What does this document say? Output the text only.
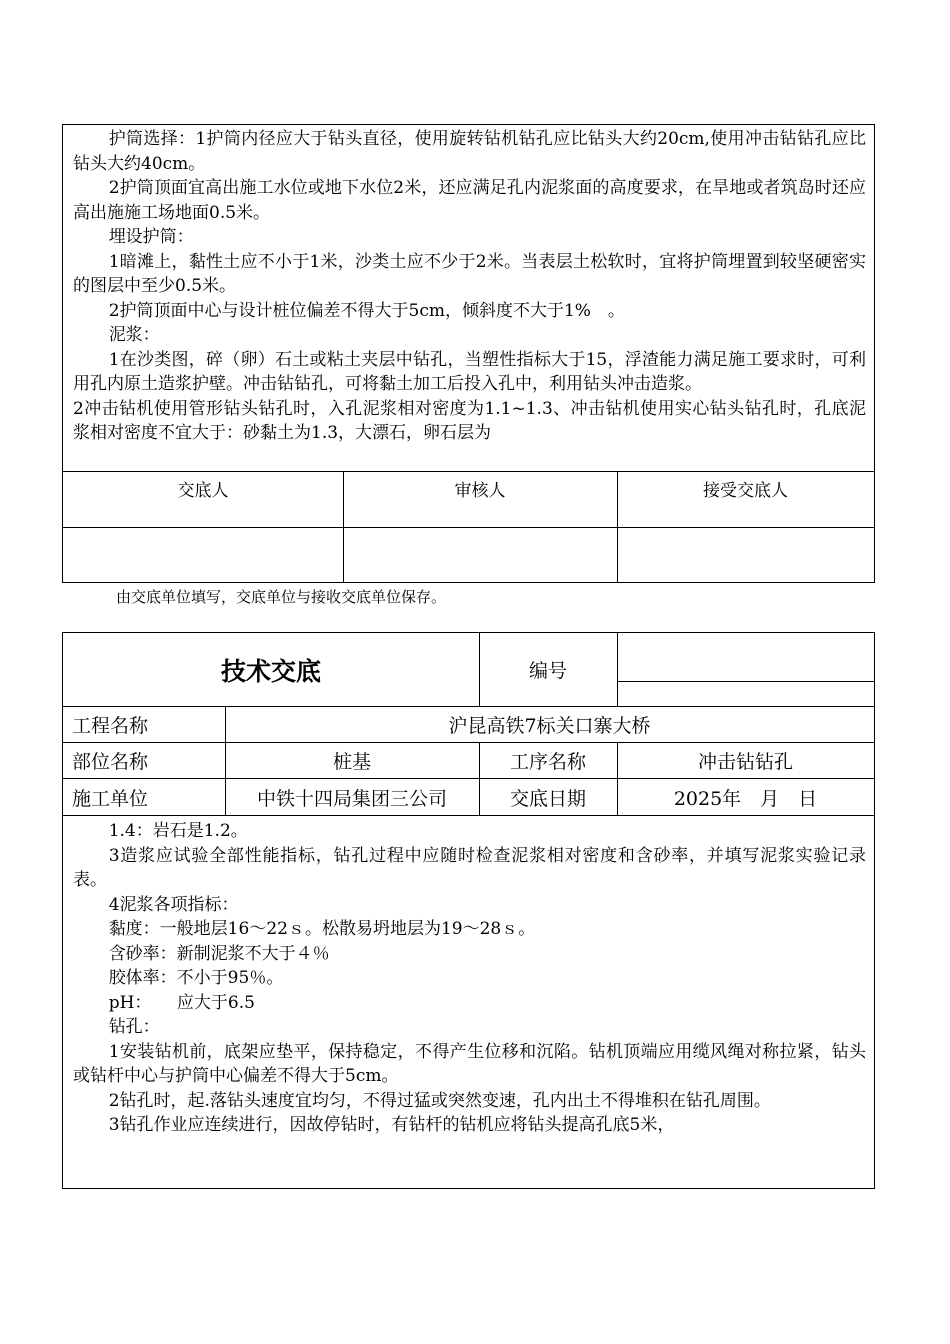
护筒选择：1护筒内径应大于钻头直径，使用旋转钻机钻孔应比钻头大约20cm,使用冲击钻钻孔应比钻头大约40cm。

2护筒顶面宜高出施工水位或地下水位2米，还应满足孔内泥浆面的高度要求，在旱地或者筑岛时还应高出施施工场地面0.5米。

埋设护筒：

1暗滩上，黏性土应不小于1米，沙类土应不少于2米。当表层土松软时，宜将护筒埋置到较坚硬密实的图层中至少0.5米。

2护筒顶面中心与设计桩位偏差不得大于5cm，倾斜度不大于1%　。

泥浆：

1在沙类图，碎（卵）石土或粘土夹层中钻孔，当塑性指标大于15，浮渣能力满足施工要求时，可利用孔内原土造浆护壁。冲击钻钻孔，可将黏土加工后投入孔中，利用钻头冲击造浆。

2冲击钻机使用管形钻头钻孔时，入孔泥浆相对密度为1.1~1.3、冲击钻机使用实心钻头钻孔时，孔底泥浆相对密度不宜大于：砂黏土为1.3，大漂石，卵石层为

交底人	审核人	接受交底人
由交底单位填写，交底单位与接收交底单位保存。
技术交底	编号
工程名称	沪昆高铁7标关口寨大桥
部位名称	桩基	工序名称	冲击钻钻孔
施工单位	中铁十四局集团三公司	交底日期	2025年　月　日

1.4：岩石是1.2。

3造浆应试验全部性能指标，钻孔过程中应随时检查泥浆相对密度和含砂率，并填写泥浆实验记录表。

4泥浆各项指标：

黏度：一般地层16～22ｓ。松散易坍地层为19～28ｓ。

含砂率：新制泥浆不大于４％

胶体率：不小于95％。

pH：　　应大于6.5

钻孔：

1安装钻机前，底架应垫平，保持稳定，不得产生位移和沉陷。钻机顶端应用缆风绳对称拉紧，钻头或钻杆中心与护筒中心偏差不得大于5cm。

2钻孔时，起.落钻头速度宜均匀，不得过猛或突然变速，孔内出土不得堆积在钻孔周围。

3钻孔作业应连续进行，因故停钻时，有钻杆的钻机应将钻头提高孔底5米，
